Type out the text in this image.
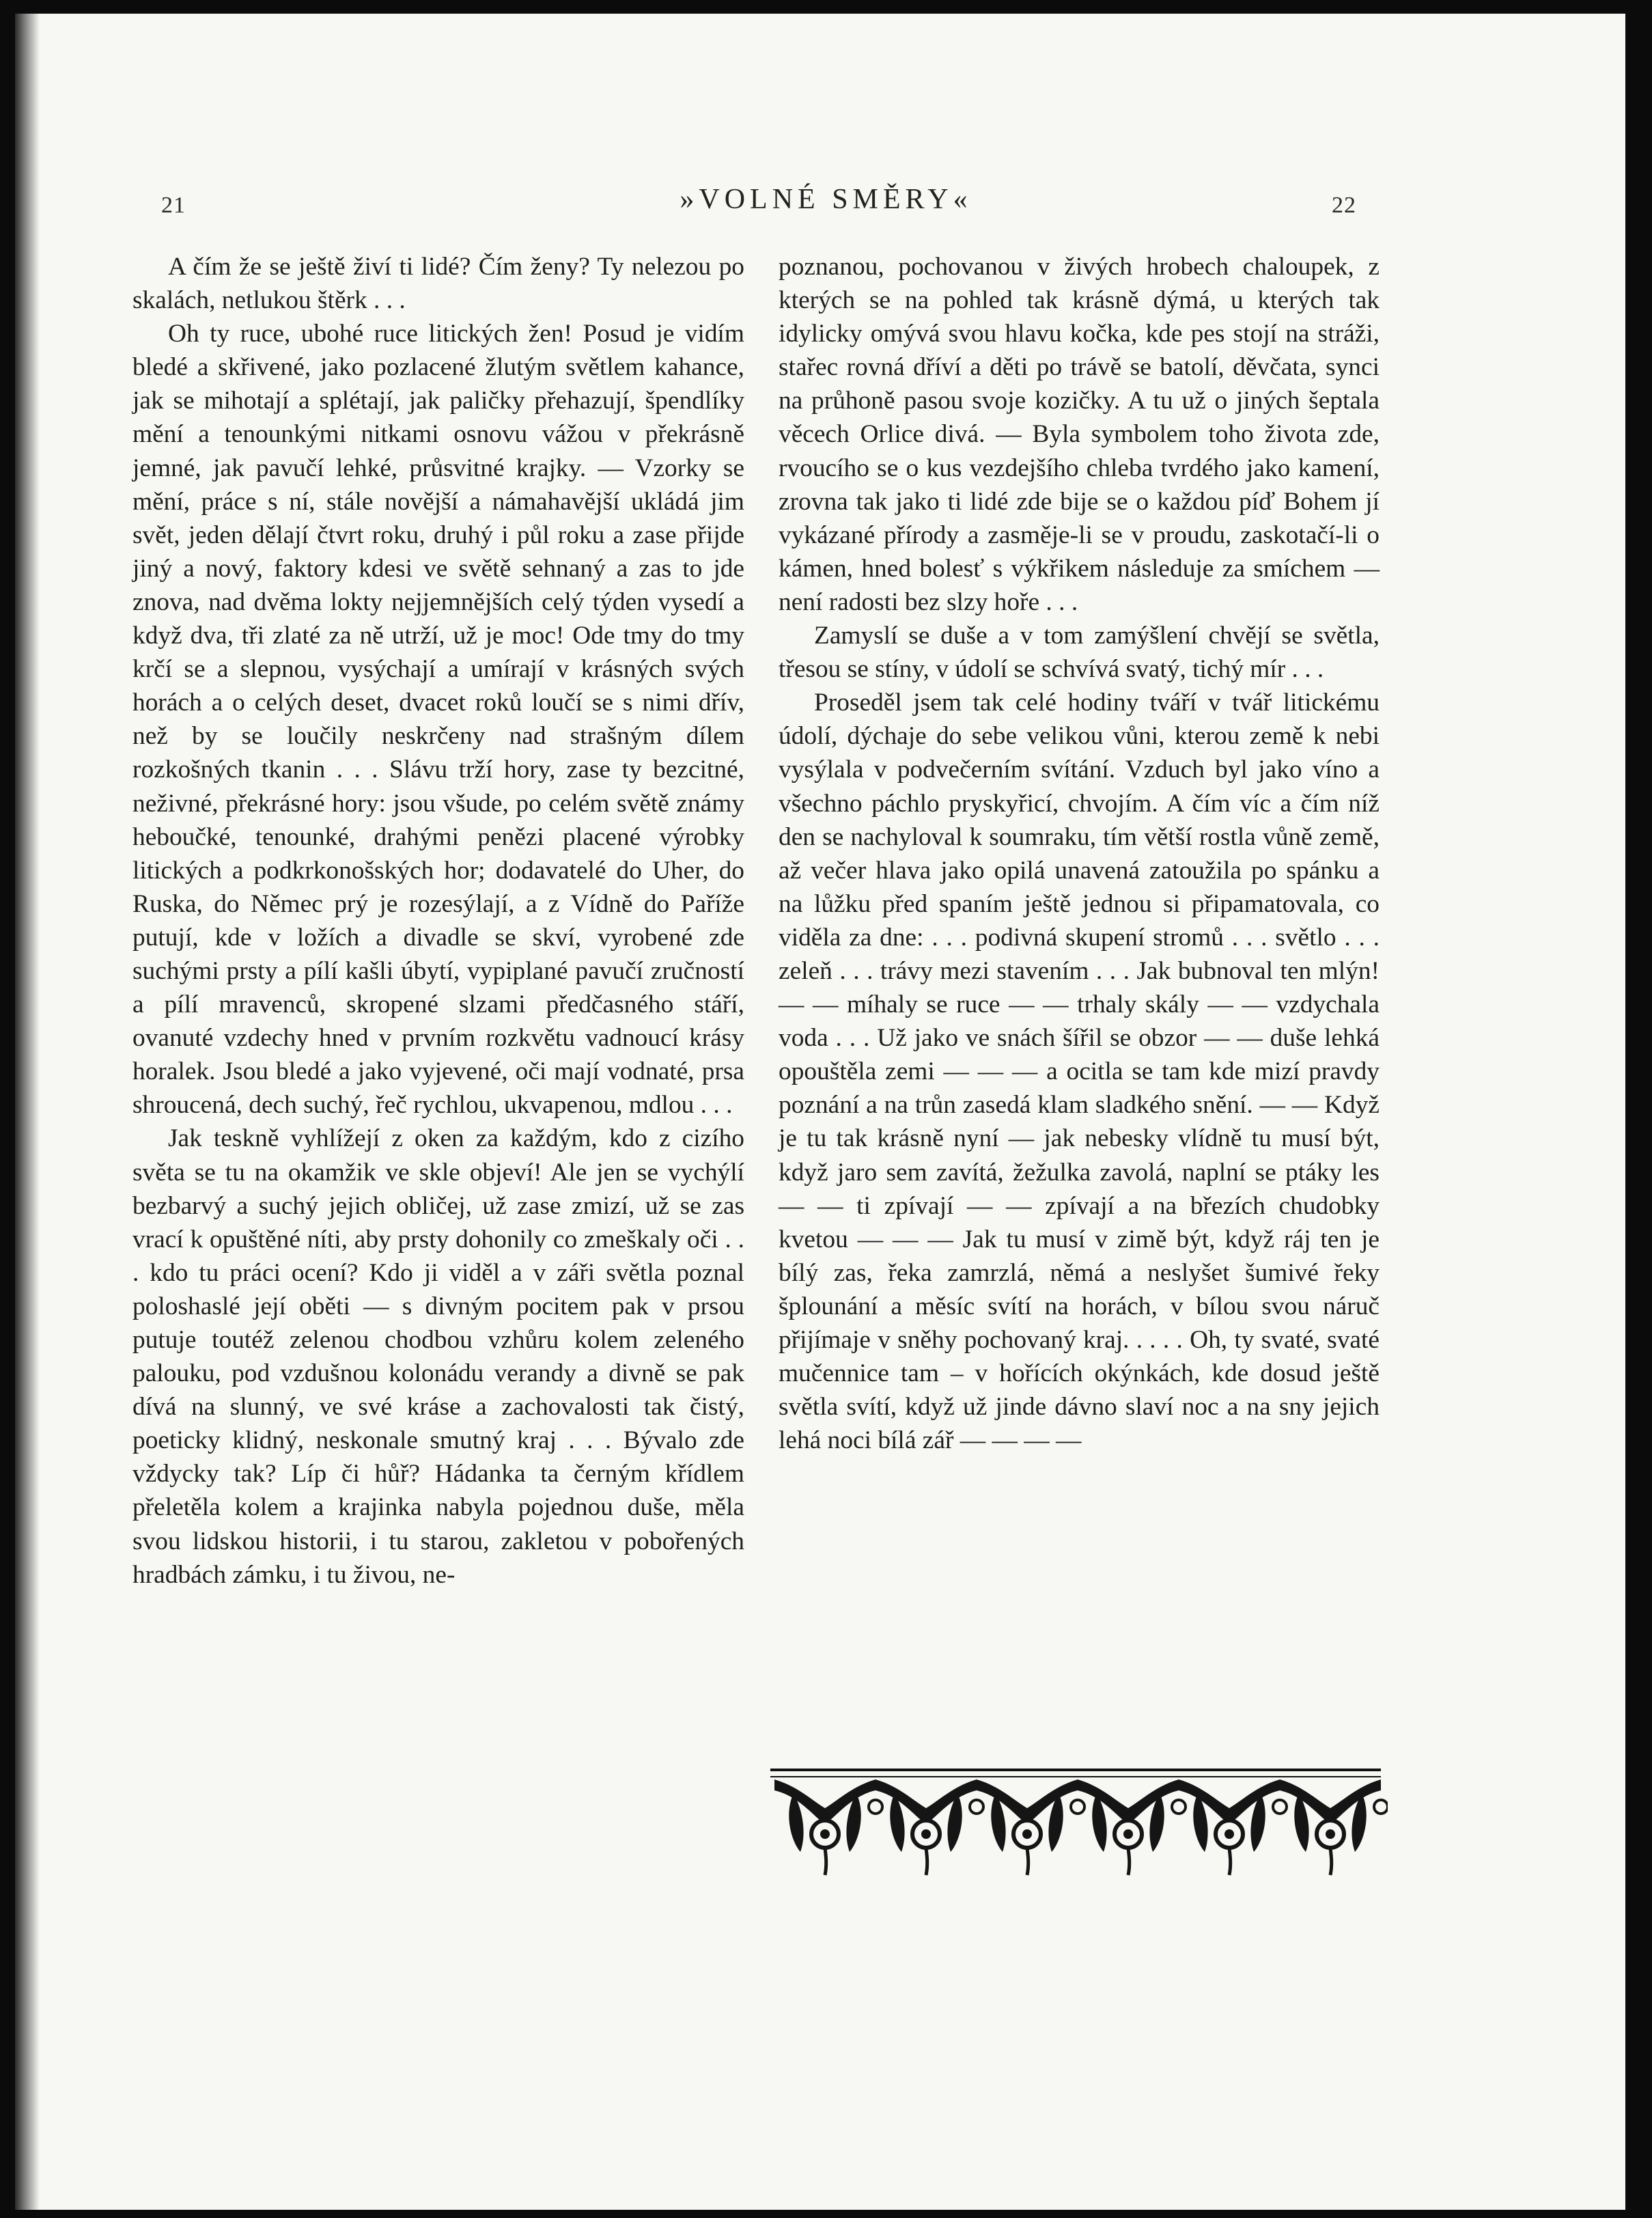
21	»VOLNÉ SMĚRY«	22

A čím že se ještě živí ti lidé? Čím ženy? Ty nelezou po skalách, netlukou štěrk . . .

Oh ty ruce, ubohé ruce litických žen! Posud je vidím bledé a skřivené, jako pozlacené žlutým světlem kahance, jak se mihotají a splétají, jak paličky přehazují, špendlíky mění a tenounkými nitkami osnovu vážou v překrásně jemné, jak pavučí lehké, průsvitné krajky. — Vzorky se mění, práce s ní, stále novější a námahavější ukládá jim svět, jeden dělají čtvrt roku, druhý i půl roku a zase přijde jiný a nový, faktory kdesi ve světě sehnaný a zas to jde znova, nad dvěma lokty nejjemnějších celý týden vysedí a když dva, tři zlaté za ně utrží, už je moc! Ode tmy do tmy krčí se a slepnou, vysýchají a umírají v krásných svých horách a o celých deset, dvacet roků loučí se s nimi dřív, než by se loučily neskrčeny nad strašným dílem rozkošných tkanin . . . Slávu trží hory, zase ty bezcitné, neživné, překrásné hory: jsou všude, po celém světě známy heboučké, tenounké, drahými penězi placené výrobky litických a podkrkonošských hor; dodavatelé do Uher, do Ruska, do Němec prý je rozesýlají, a z Vídně do Paříže putují, kde v ložích a divadle se skví, vyrobené zde suchými prsty a pílí kašli úbytí, vypiplané pavučí zručností a pílí mravenců, skropené slzami předčasného stáří, ovanuté vzdechy hned v prvním rozkvětu vadnoucí krásy horalek. Jsou bledé a jako vyjevené, oči mají vodnaté, prsa shroucená, dech suchý, řeč rychlou, ukvapenou, mdlou . . .

Jak teskně vyhlížejí z oken za každým, kdo z cizího světa se tu na okamžik ve skle objeví! Ale jen se vychýlí bezbarvý a suchý jejich obličej, už zase zmizí, už se zas vrací k opuštěné níti, aby prsty dohonily co zmeškaly oči . . . kdo tu práci ocení? Kdo ji viděl a v záři světla poznal poloshaslé její oběti — s divným pocitem pak v prsou putuje toutéž zelenou chodbou vzhůru kolem zeleného palouku, pod vzdušnou kolonádu verandy a divně se pak dívá na slunný, ve své kráse a zachovalosti tak čistý, poeticky klidný, neskonale smutný kraj . . . Bývalo zde vždycky tak? Líp či hůř? Hádanka ta černým křídlem přeletěla kolem a krajinka nabyla pojednou duše, měla svou lidskou historii, i tu starou, zakletou v pobořených hradbách zámku, i tu živou, ne-

poznanou, pochovanou v živých hrobech chaloupek, z kterých se na pohled tak krásně dýmá, u kterých tak idylicky omývá svou hlavu kočka, kde pes stojí na stráži, stařec rovná dříví a děti po trávě se batolí, děvčata, synci na průhoně pasou svoje kozičky. A tu už o jiných šeptala věcech Orlice divá. — Byla symbolem toho života zde, rvoucího se o kus vezdejšího chleba tvrdého jako kamení, zrovna tak jako ti lidé zde bije se o každou píď Bohem jí vykázané přírody a zasměje-li se v proudu, zaskotačí-li o kámen, hned bolesť s výkřikem následuje za smíchem — není radosti bez slzy hoře . . .

Zamyslí se duše a v tom zamýšlení chvějí se světla, třesou se stíny, v údolí se schvívá svatý, tichý mír . . .

Proseděl jsem tak celé hodiny tváří v tvář litickému údolí, dýchaje do sebe velikou vůni, kterou země k nebi vysýlala v podvečerním svítání. Vzduch byl jako víno a všechno páchlo pryskyřicí, chvojím. A čím víc a čím níž den se nachyloval k soumraku, tím větší rostla vůně země, až večer hlava jako opilá unavená zatoužila po spánku a na lůžku před spaním ještě jednou si připamatovala, co viděla za dne: . . . podivná skupení stromů . . . světlo . . . zeleň . . . trávy mezi stavením . . . Jak bubnoval ten mlýn! — — míhaly se ruce — — trhaly skály — — vzdychala voda . . . Už jako ve snách šířil se obzor — — duše lehká opouštěla zemi — — — a ocitla se tam kde mizí pravdy poznání a na trůn zasedá klam sladkého snění. — — Když je tu tak krásně nyní — jak nebesky vlídně tu musí být, když jaro sem zavítá, žežulka zavolá, naplní se ptáky les — — ti zpívají — — zpívají a na březích chudobky kvetou — — — Jak tu musí v zimě být, když ráj ten je bílý zas, řeka zamrzlá, němá a neslyšet šumivé řeky šplounání a měsíc svítí na horách, v bílou svou náruč přijímaje v sněhy pochovaný kraj. . . . . Oh, ty svaté, svaté mučennice tam – v hořících okýnkách, kde dosud ještě světla svítí, když už jinde dávno slaví noc a na sny jejich lehá noci bílá zář — — — —
